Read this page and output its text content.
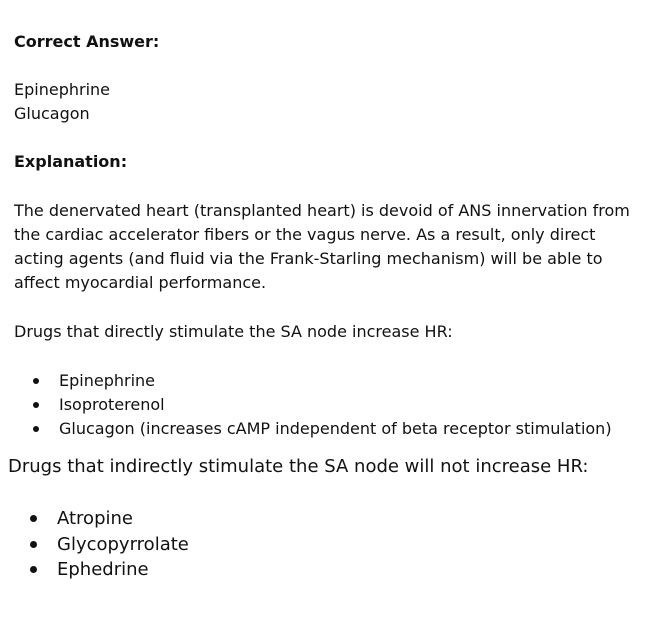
Correct Answer:
Epinephrine
Glucagon
Explanation:
The denervated heart (transplanted heart) is devoid of ANS innervation from the cardiac accelerator fibers or the vagus nerve. As a result, only direct acting agents (and fluid via the Frank-Starling mechanism) will be able to affect myocardial performance.
Drugs that directly stimulate the SA node increase HR:
Epinephrine
Isoproterenol
Glucagon (increases cAMP independent of beta receptor stimulation)
Drugs that indirectly stimulate the SA node will not increase HR:
Atropine
Glycopyrrolate
Ephedrine
